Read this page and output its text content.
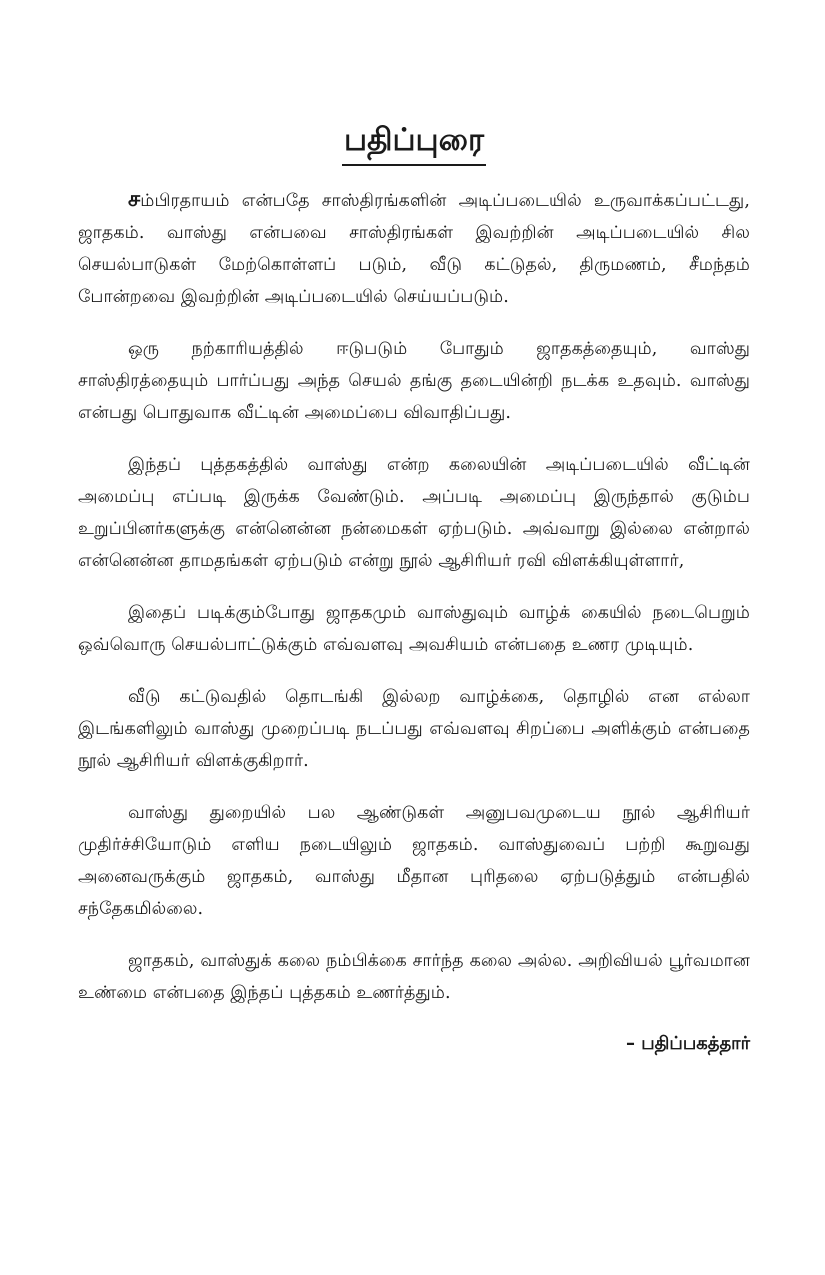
பதிப்புரை

சம்பிரதாயம் என்பதே சாஸ்திரங்களின் அடிப்படையில் உருவாக்கப்பட்டது, ஜாதகம். வாஸ்து என்பவை சாஸ்திரங்கள் இவற்றின் அடிப்படையில் சில செயல்பாடுகள் மேற்கொள்ளப் படும், வீடு கட்டுதல், திருமணம், சீமந்தம் போன்றவை இவற்றின் அடிப்படையில் செய்யப்படும்.

ஒரு நற்காரியத்தில் ஈடுபடும் போதும் ஜாதகத்தையும், வாஸ்து சாஸ்திரத்தையும் பார்ப்பது அந்த செயல் தங்கு தடையின்றி நடக்க உதவும். வாஸ்து என்பது பொதுவாக வீட்டின் அமைப்பை விவாதிப்பது.

இந்தப் புத்தகத்தில் வாஸ்து என்ற கலையின் அடிப்படையில் வீட்டின் அமைப்பு எப்படி இருக்க வேண்டும். அப்படி அமைப்பு இருந்தால் குடும்ப உறுப்பினர்களுக்கு என்னென்ன நன்மைகள் ஏற்படும். அவ்வாறு இல்லை என்றால் என்னென்ன தாமதங்கள் ஏற்படும் என்று நூல் ஆசிரியர் ரவி விளக்கியுள்ளார்,

இதைப் படிக்கும்போது ஜாதகமும் வாஸ்துவும் வாழ்க் கையில் நடைபெறும் ஒவ்வொரு செயல்பாட்டுக்கும் எவ்வளவு அவசியம் என்பதை உணர முடியும்.

வீடு கட்டுவதில் தொடங்கி இல்லற வாழ்க்கை, தொழில் என எல்லா இடங்களிலும் வாஸ்து முறைப்படி நடப்பது எவ்வளவு சிறப்பை அளிக்கும் என்பதை நூல் ஆசிரியர் விளக்குகிறார்.

வாஸ்து துறையில் பல ஆண்டுகள் அனுபவமுடைய நூல் ஆசிரியர் முதிர்ச்சியோடும் எளிய நடையிலும் ஜாதகம். வாஸ்துவைப் பற்றி கூறுவது அனைவருக்கும் ஜாதகம், வாஸ்து மீதான புரிதலை ஏற்படுத்தும் என்பதில் சந்தேகமில்லை.

ஜாதகம், வாஸ்துக் கலை நம்பிக்கை சார்ந்த கலை அல்ல. அறிவியல் பூர்வமான உண்மை என்பதை இந்தப் புத்தகம் உணர்த்தும்.

– பதிப்பகத்தார்
